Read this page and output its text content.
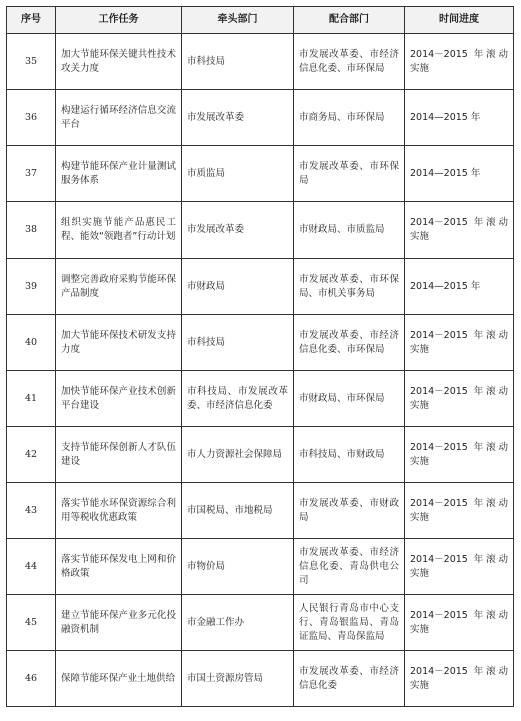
序号	工作任务	牵头部门	配合部门	时间进度
35	加大节能环保关键共性技术攻关力度	市科技局	市发展改革委、市经济信息化委、市环保局	2014－2015 年滚动实施
36	构建运行循环经济信息交流平台	市发展改革委	市商务局、市环保局	2014—2015 年
37	构建节能环保产业计量测试服务体系	市质监局	市发展改革委、市环保局	2014—2015 年
38	组织实施节能产品惠民工程、能效“领跑者”行动计划	市发展改革委	市财政局、市质监局	2014－2015 年滚动实施
39	调整完善政府采购节能环保产品制度	市财政局	市发展改革委、市环保局、市机关事务局	2014—2015 年
40	加大节能环保技术研发支持力度	市科技局	市发展改革委、市经济信息化委、市环保局	2014－2015 年滚动实施
41	加快节能环保产业技术创新平台建设	市科技局、市发展改革委、市经济信息化委	市财政局、市环保局	2014－2015 年滚动实施
42	支持节能环保创新人才队伍建设	市人力资源社会保障局	市科技局、市财政局	2014－2015 年滚动实施
43	落实节能水环保资源综合利用等税收优惠政策	市国税局、市地税局	市发展改革委、市财政局	2014－2015 年滚动实施
44	落实节能环保发电上网和价格政策	市物价局	市发展改革委、市经济信息化委、青岛供电公司	2014－2015 年滚动实施
45	建立节能环保产业多元化投融资机制	市金融工作办	人民银行青岛市中心支行、青岛银监局、青岛证监局、青岛保监局	2014－2015 年滚动实施
46	保障节能环保产业土地供给	市国土资源房管局	市发展改革委、市经济信息化委	2014－2015 年滚动实施
